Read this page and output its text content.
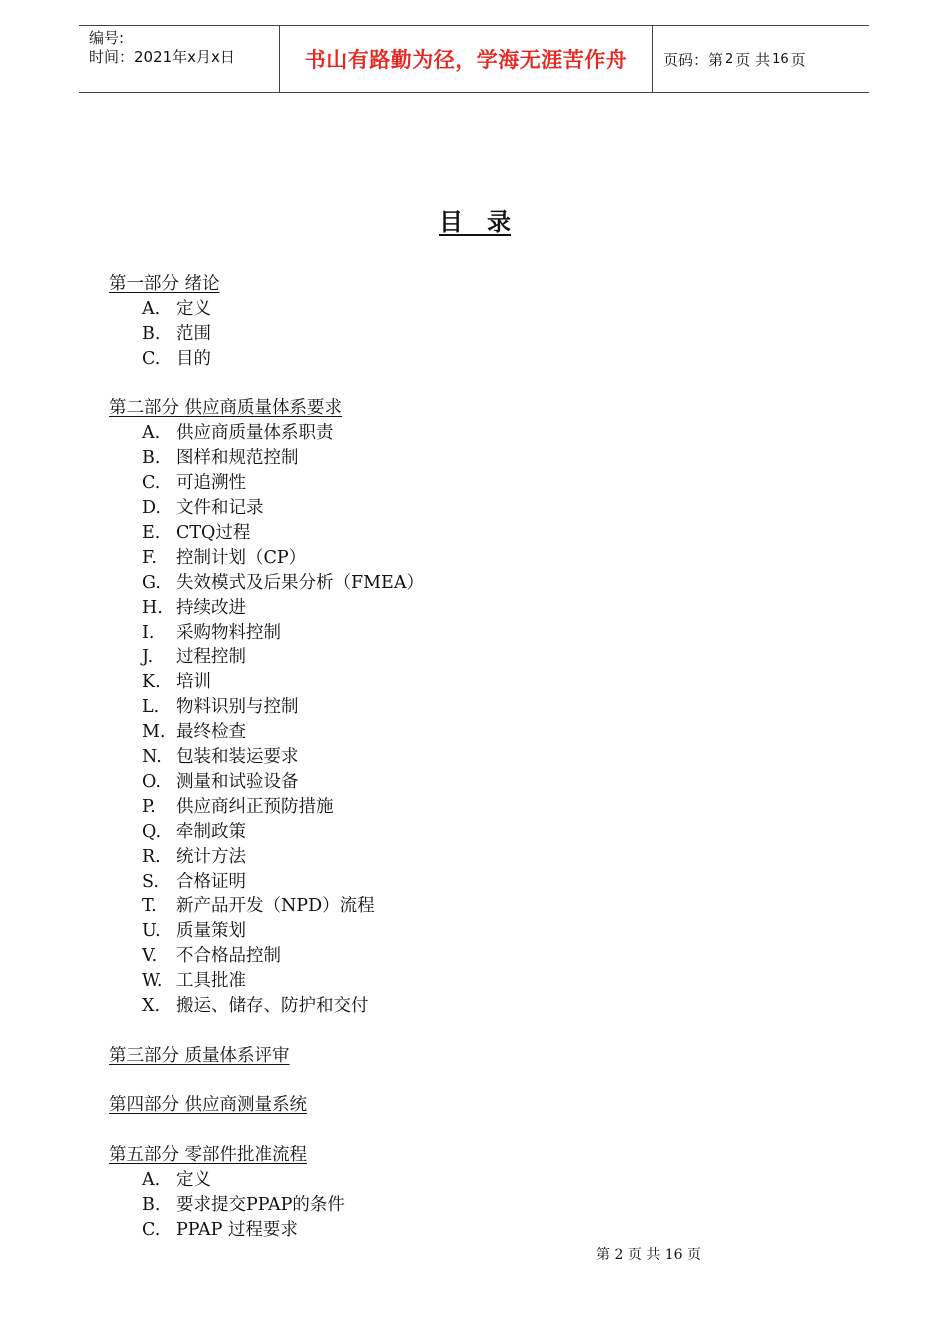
编号:
时间：2021年x月x日	书山有路勤为径，学海无涯苦作舟	页码：第 2 页 共 16 页
目　录
第一部分 绪论
A. 定义
B. 范围
C. 目的
第二部分 供应商质量体系要求
A. 供应商质量体系职责
B. 图样和规范控制
C. 可追溯性
D. 文件和记录
E. CTQ过程
F. 控制计划（CP）
G. 失效模式及后果分析（FMEA）
H. 持续改进
I. 采购物料控制
J. 过程控制
K. 培训
L. 物料识别与控制
M. 最终检查
N. 包装和装运要求
O. 测量和试验设备
P. 供应商纠正预防措施
Q. 牵制政策
R. 统计方法
S. 合格证明
T. 新产品开发（NPD）流程
U. 质量策划
V. 不合格品控制
W. 工具批准
X. 搬运、储存、防护和交付
第三部分 质量体系评审
第四部分 供应商测量系统
第五部分 零部件批准流程
A. 定义
B. 要求提交PPAP的条件
C. PPAP 过程要求
第 2 页 共 16 页
